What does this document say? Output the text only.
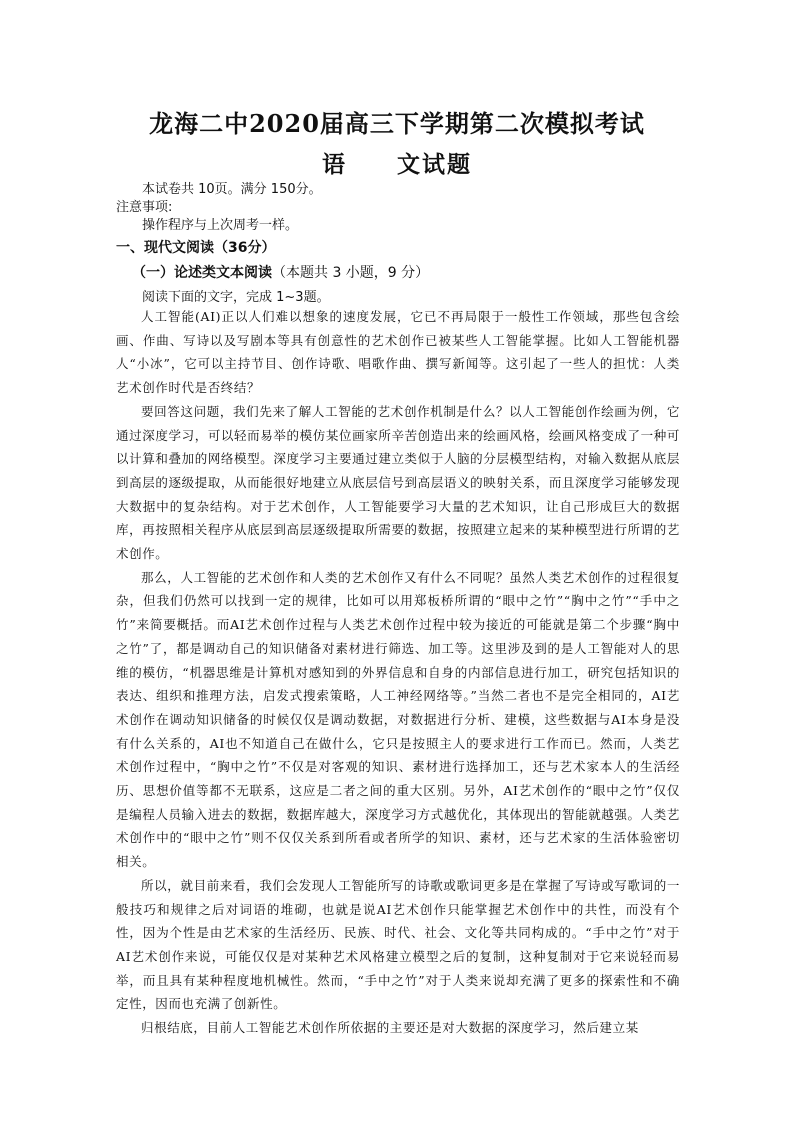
龙海二中2020届高三下学期第二次模拟考试
语　　文试题
本试卷共 10页。满分 150分。
注意事项:
操作程序与上次周考一样。
一、现代文阅读（36分）
（一）论述类文本阅读（本题共 3 小题，9 分）
阅读下面的文字，完成 1~3题。

人工智能(AI)正以人们难以想象的速度发展，它已不再局限于一般性工作领域，那些包含绘画、作曲、写诗以及写剧本等具有创意性的艺术创作已被某些人工智能掌握。比如人工智能机器人“小冰”，它可以主持节目、创作诗歌、唱歌作曲、撰写新闻等。这引起了一些人的担忧：人类艺术创作时代是否终结？

要回答这问题，我们先来了解人工智能的艺术创作机制是什么？以人工智能创作绘画为例，它通过深度学习，可以轻而易举的模仿某位画家所辛苦创造出来的绘画风格，绘画风格变成了一种可以计算和叠加的网络模型。深度学习主要通过建立类似于人脑的分层模型结构，对输入数据从底层到高层的逐级提取，从而能很好地建立从底层信号到高层语义的映射关系，而且深度学习能够发现大数据中的复杂结构。对于艺术创作，人工智能要学习大量的艺术知识，让自己形成巨大的数据库，再按照相关程序从底层到高层逐级提取所需要的数据，按照建立起来的某种模型进行所谓的艺术创作。

那么，人工智能的艺术创作和人类的艺术创作又有什么不同呢？虽然人类艺术创作的过程很复杂，但我们仍然可以找到一定的规律，比如可以用郑板桥所谓的“眼中之竹”“胸中之竹”“手中之竹”来简要概括。而AI艺术创作过程与人类艺术创作过程中较为接近的可能就是第二个步骤“胸中之竹”了，都是调动自己的知识储备对素材进行筛选、加工等。这里涉及到的是人工智能对人的思维的模仿，“机器思维是计算机对感知到的外界信息和自身的内部信息进行加工，研究包括知识的表达、组织和推理方法，启发式搜索策略，人工神经网络等。”当然二者也不是完全相同的，AI艺术创作在调动知识储备的时候仅仅是调动数据，对数据进行分析、建模，这些数据与AI本身是没有什么关系的，AI也不知道自己在做什么，它只是按照主人的要求进行工作而已。然而，人类艺术创作过程中，“胸中之竹”不仅是对客观的知识、素材进行选择加工，还与艺术家本人的生活经历、思想价值等都不无联系，这应是二者之间的重大区别。另外，AI艺术创作的“眼中之竹”仅仅是编程人员输入进去的数据，数据库越大，深度学习方式越优化，其体现出的智能就越强。人类艺术创作中的“眼中之竹”则不仅仅关系到所看或者所学的知识、素材，还与艺术家的生活体验密切相关。

所以，就目前来看，我们会发现人工智能所写的诗歌或歌词更多是在掌握了写诗或写歌词的一般技巧和规律之后对词语的堆砌，也就是说AI艺术创作只能掌握艺术创作中的共性，而没有个性，因为个性是由艺术家的生活经历、民族、时代、社会、文化等共同构成的。“手中之竹”对于AI艺术创作来说，可能仅仅是对某种艺术风格建立模型之后的复制，这种复制对于它来说轻而易举，而且具有某种程度地机械性。然而，“手中之竹”对于人类来说却充满了更多的探索性和不确定性，因而也充满了创新性。

归根结底，目前人工智能艺术创作所依据的主要还是对大数据的深度学习，然后建立某
